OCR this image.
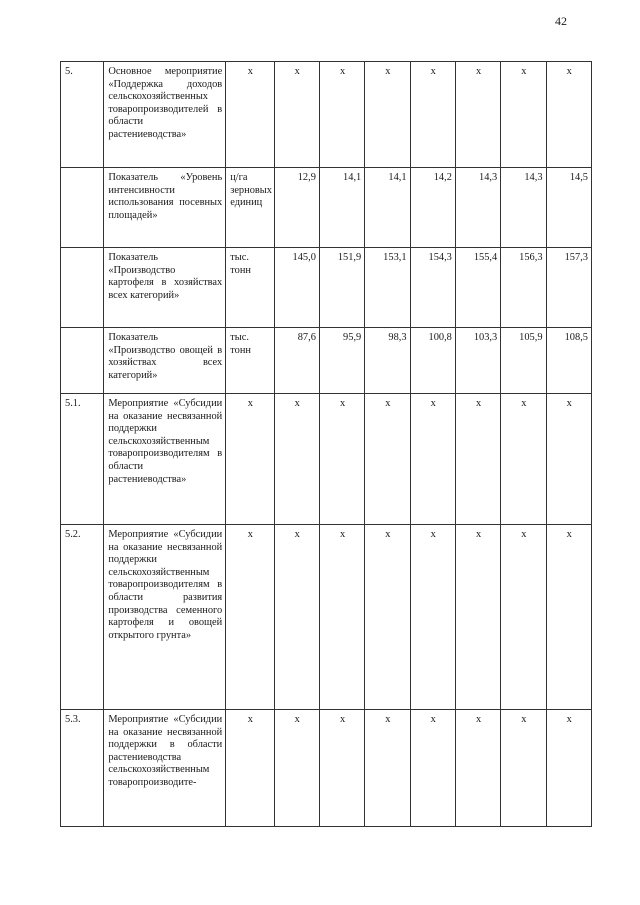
42
5.	Основное мероприятие «Поддержка доходов сельскохозяйственных товаропроизводителей в области растениеводства»	х	х	х	х	х	х	х	х
	Показатель «Уровень интенсивности использования посевных площадей»	ц/га зерновых единиц	12,9	14,1	14,1	14,2	14,3	14,3	14,5
	Показатель «Производство картофеля в хозяйствах всех категорий»	тыс. тонн	145,0	151,9	153,1	154,3	155,4	156,3	157,3
	Показатель «Производство овощей в хозяйствах всех категорий»	тыс. тонн	87,6	95,9	98,3	100,8	103,3	105,9	108,5
5.1.	Мероприятие «Субсидии на оказание несвязанной поддержки сельскохозяйственным товаропроизводителям в области растениеводства»	х	х	х	х	х	х	х	х
5.2.	Мероприятие «Субсидии на оказание несвязанной поддержки сельскохозяйственным товаропроизводителям в области развития производства семенного картофеля и овощей открытого грунта»	х	х	х	х	х	х	х	х
5.3.	Мероприятие «Субсидии на оказание несвязанной поддержки в области растениеводства сельскохозяйственным товаропроизводите-	х	х	х	х	х	х	х	х
